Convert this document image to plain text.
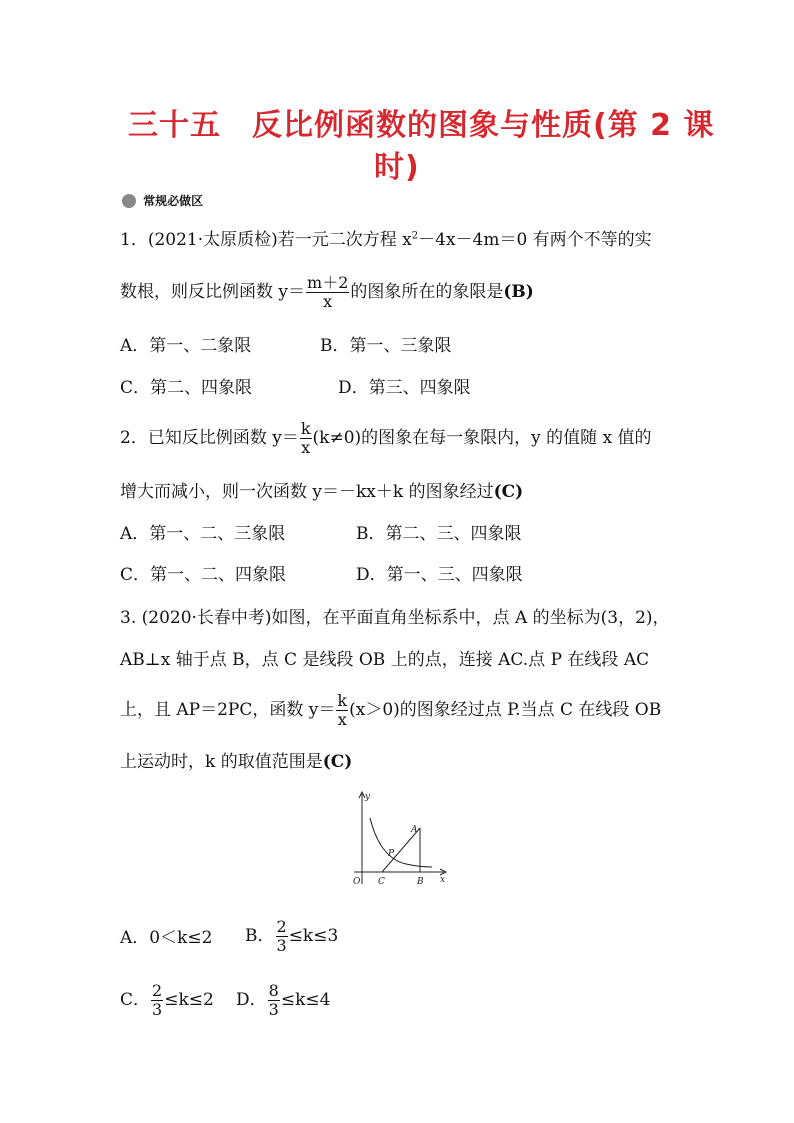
三十五　反比例函数的图象与性质(第 2 课
时)
常规必做区
1．(2021·太原质检)若一元二次方程 $x^2-4x-4m=0$ 有两个不等的实
数根，则反比例函数 $y= \frac{m+2}{x}$ 的图象所在的象限是(B)
A．第一、二象限	B．第一、三象限
C．第二、四象限	D．第三、四象限
2．已知反比例函数 $y= \frac{k}{x} (k\ne 0)$的图象在每一象限内，y 的值随 x 值的
增大而减小，则一次函数 y＝－kx＋k 的图象经过(C)
A．第一、二、三象限	B．第二、三、四象限
C．第一、二、四象限	D．第一、三、四象限
3. (2020·长春中考)如图，在平面直角坐标系中，点 A 的坐标为(3，2)，
AB⊥x 轴于点 B，点 C 是线段 OB 上的点，连接 AC.点 P 在线段 AC
上，且 AP＝2PC，函数 $y= \frac{k}{x} (x>0)$的图象经过点 P.当点 C 在线段 OB
上运动时，k 的取值范围是(C)
y
x
O C	B
A
P
A．0＜k≤2 B． $\frac{2}{3} \le k\le 3$
C． $\frac{2}{3} \le k\le 2$ D． $\frac{8}{3} \le k\le 4$
